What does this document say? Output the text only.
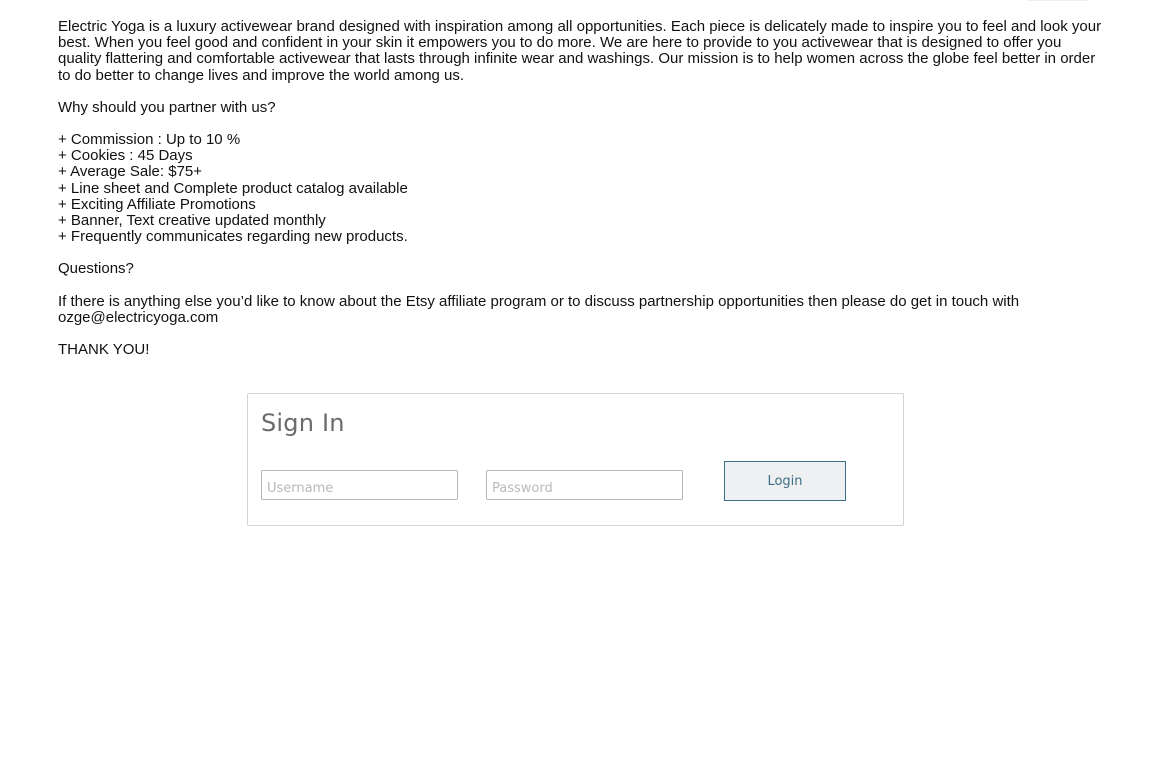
Electric Yoga is a luxury activewear brand designed with inspiration among all opportunities. Each piece is delicately made to inspire you to feel and look your best. When you feel good and confident in your skin it empowers you to do more. We are here to provide to you activewear that is designed to offer you quality flattering and comfortable activewear that lasts through infinite wear and washings. Our mission is to help women across the globe feel better in order to do better to change lives and improve the world among us.

Why should you partner with us?

+ Commission : Up to 10 %
+ Cookies : 45 Days
+ Average Sale: $75+
+ Line sheet and Complete product catalog available
+ Exciting Affiliate Promotions
+ Banner, Text creative updated monthly
+ Frequently communicates regarding new products.

Questions?

If there is anything else you’d like to know about the Etsy affiliate program or to discuss partnership opportunities then please do get in touch with ozge@electricyoga.com

THANK YOU!

Sign In
Username
Login
